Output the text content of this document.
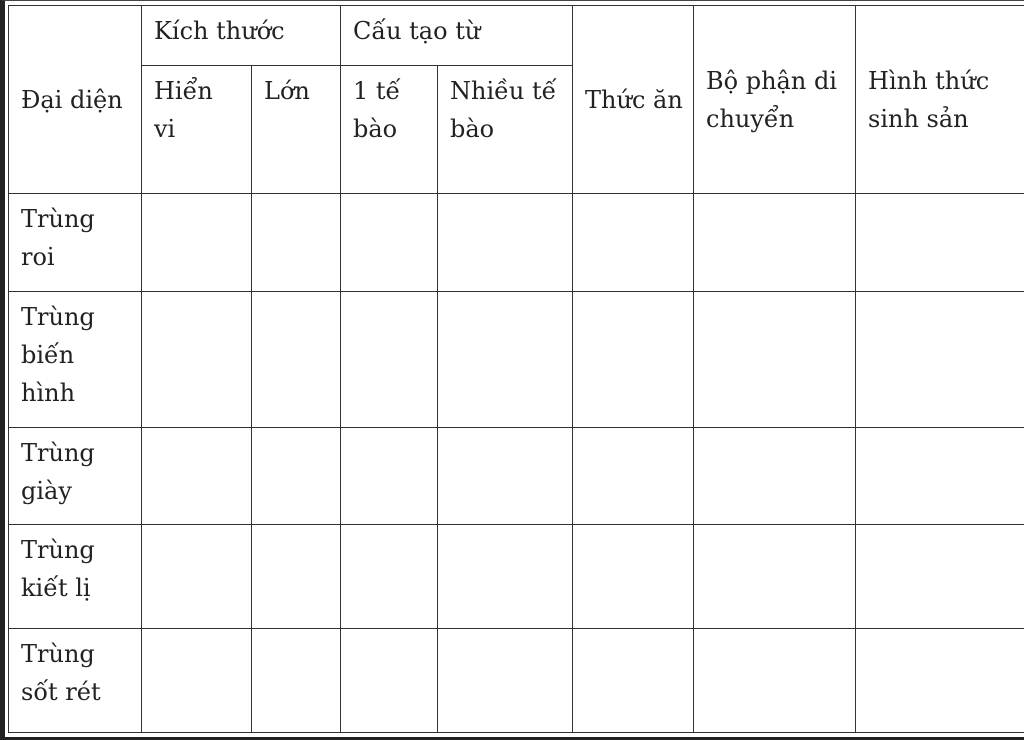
Đại diện	Kích thước		Cấu tạo từ		Thức ăn	Bộ phận di chuyển	Hình thức sinh sản
	Hiển vi	Lớn	1 tế bào	Nhiều tế bào			
Trùng roi							
Trùng biến hình							
Trùng giày							
Trùng kiết lị							
Trùng sốt rét							
